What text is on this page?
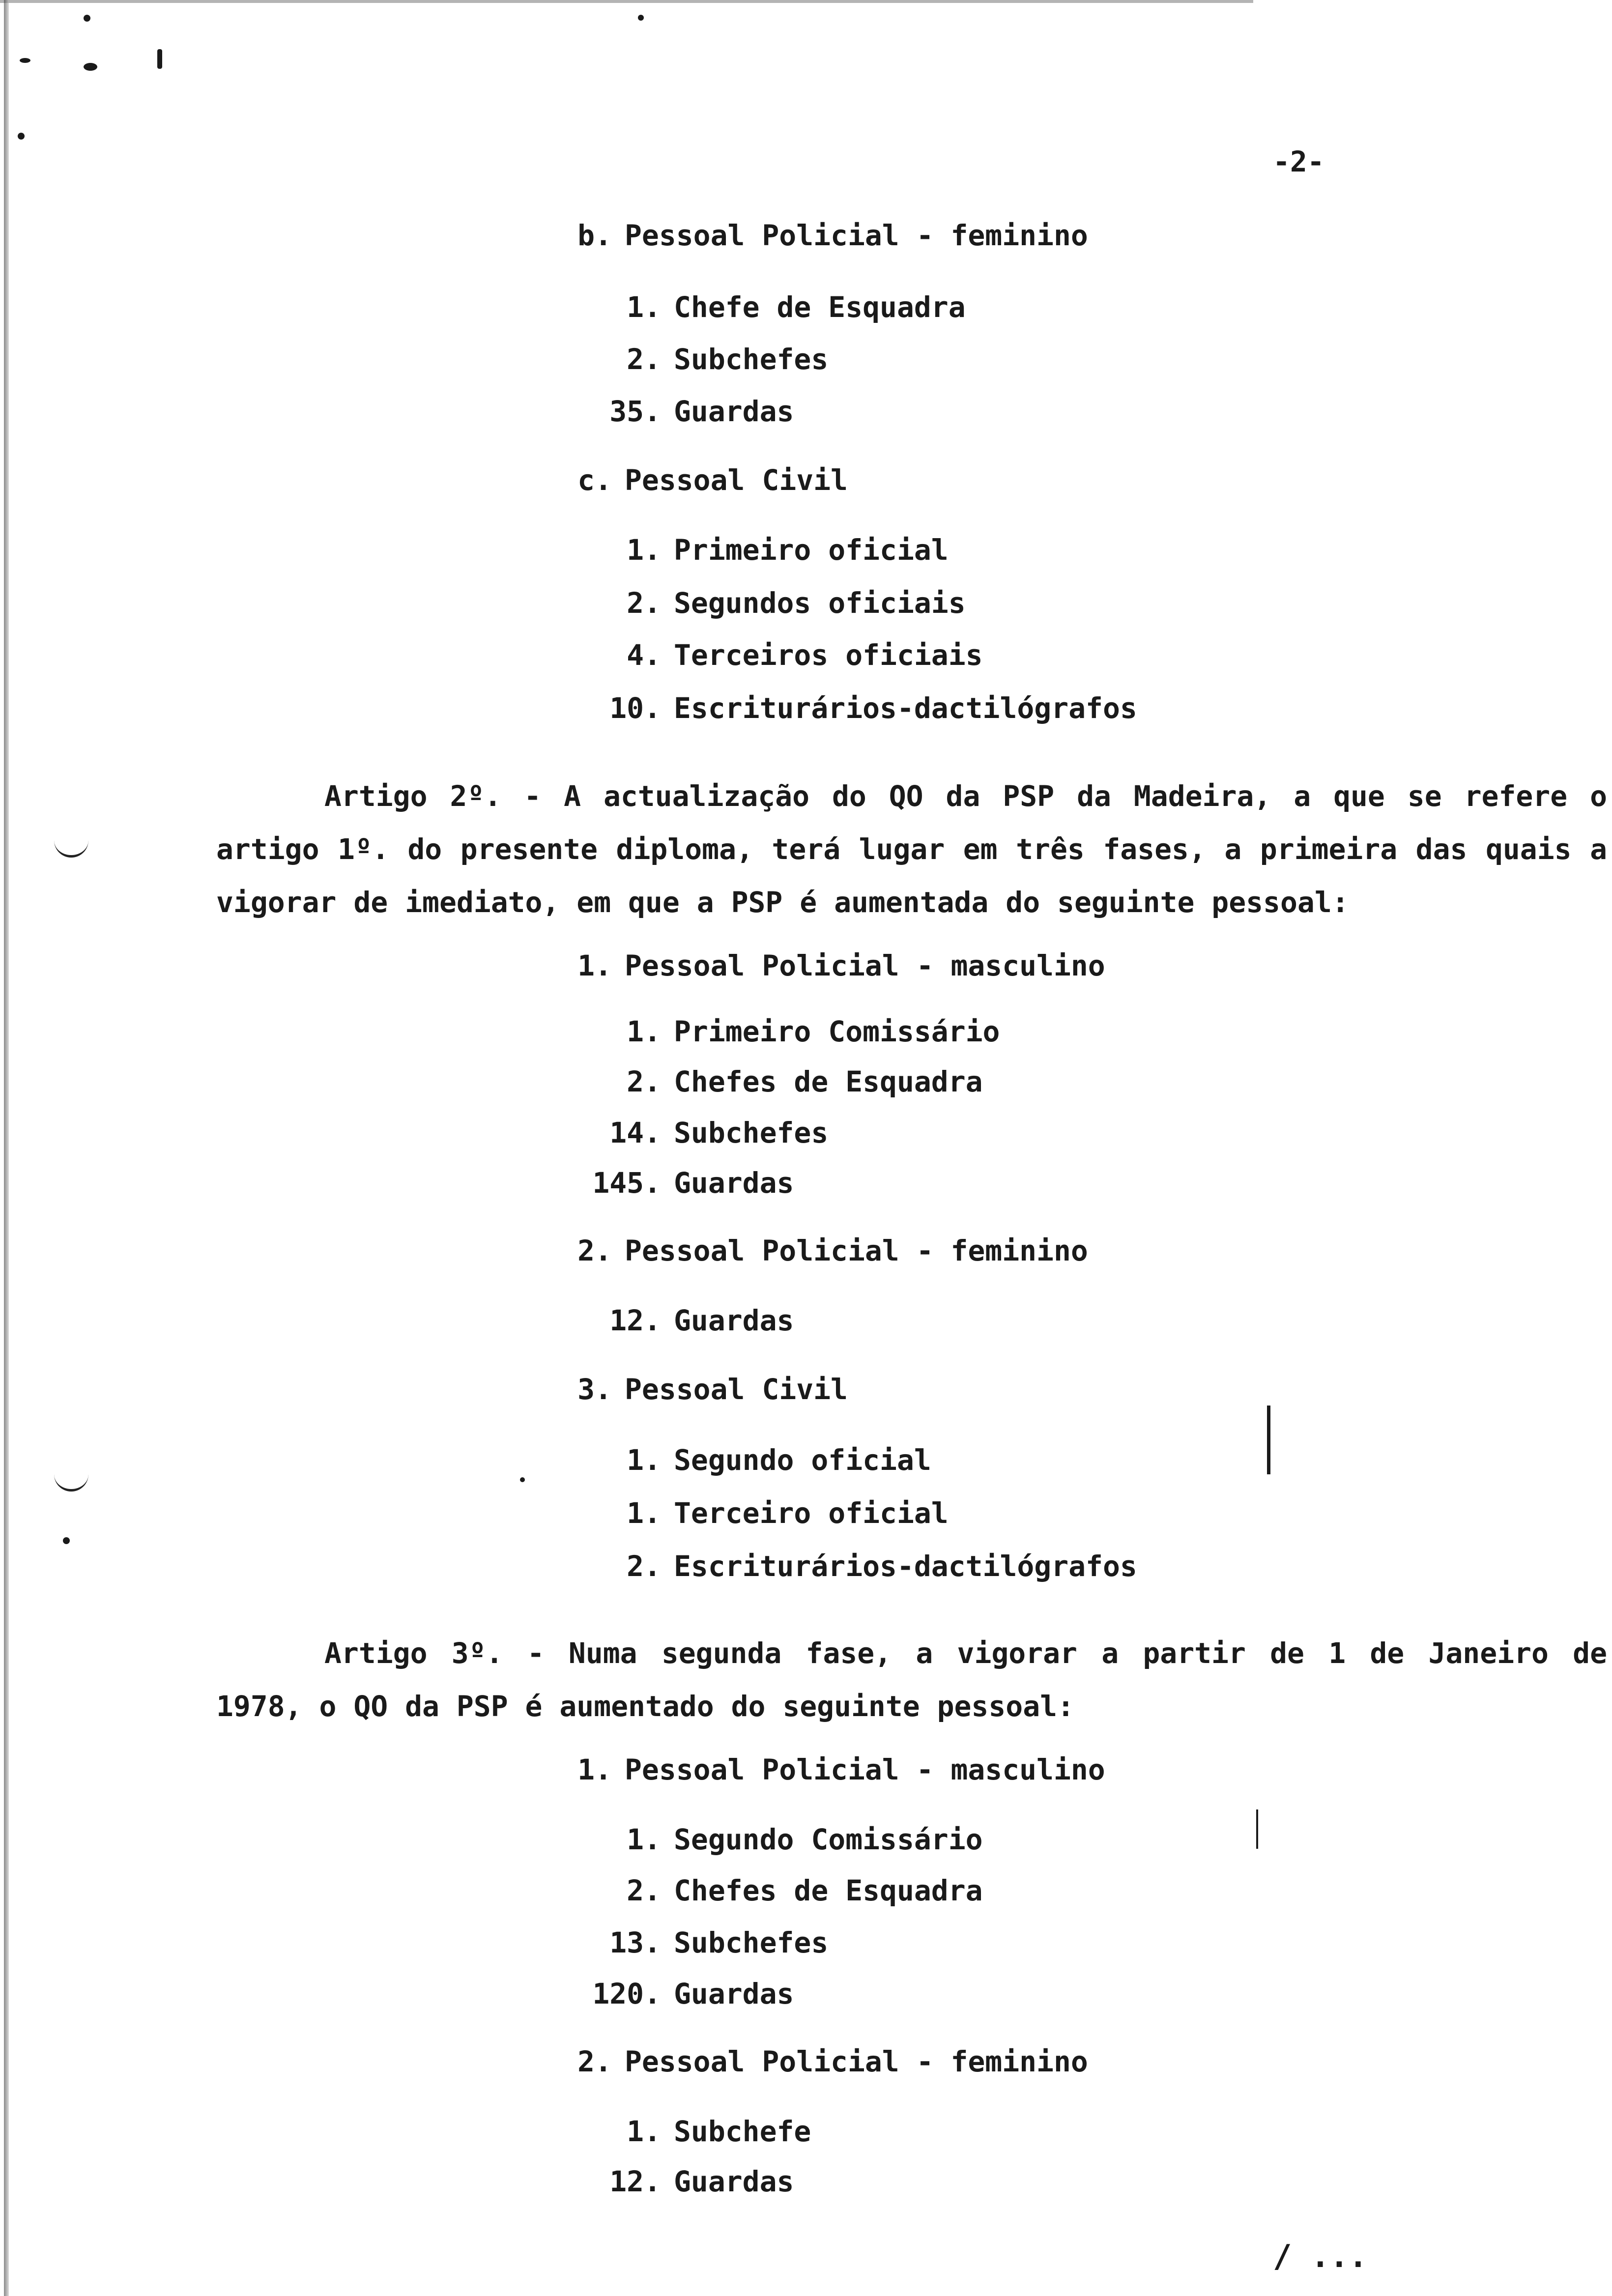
-2-
b. Pessoal Policial - feminino
1. Chefe de Esquadra
2. Subchefes
35. Guardas
c. Pessoal Civil
1. Primeiro oficial
2. Segundos oficiais
4. Terceiros oficiais
10. Escriturários-dactilógrafos
Artigo 2º. - A actualização do QO da PSP da Madeira, a que se refere o artigo 1º. do presente diploma, terá lugar em três fases, a primeira das quais a vigorar de imediato, em que a PSP é aumentada do seguinte pessoal:
1. Pessoal Policial - masculino
1. Primeiro Comissário
2. Chefes de Esquadra
14. Subchefes
145. Guardas
2. Pessoal Policial - feminino
12. Guardas
3. Pessoal Civil
1. Segundo oficial
1. Terceiro oficial
2. Escriturários-dactilógrafos
Artigo 3º. - Numa segunda fase, a vigorar a partir de 1 de Janeiro de 1978, o QO da PSP é aumentado do seguinte pessoal:
1. Pessoal Policial - masculino
1. Segundo Comissário
2. Chefes de Esquadra
13. Subchefes
120. Guardas
2. Pessoal Policial - feminino
1. Subchefe
12. Guardas
/ ...
